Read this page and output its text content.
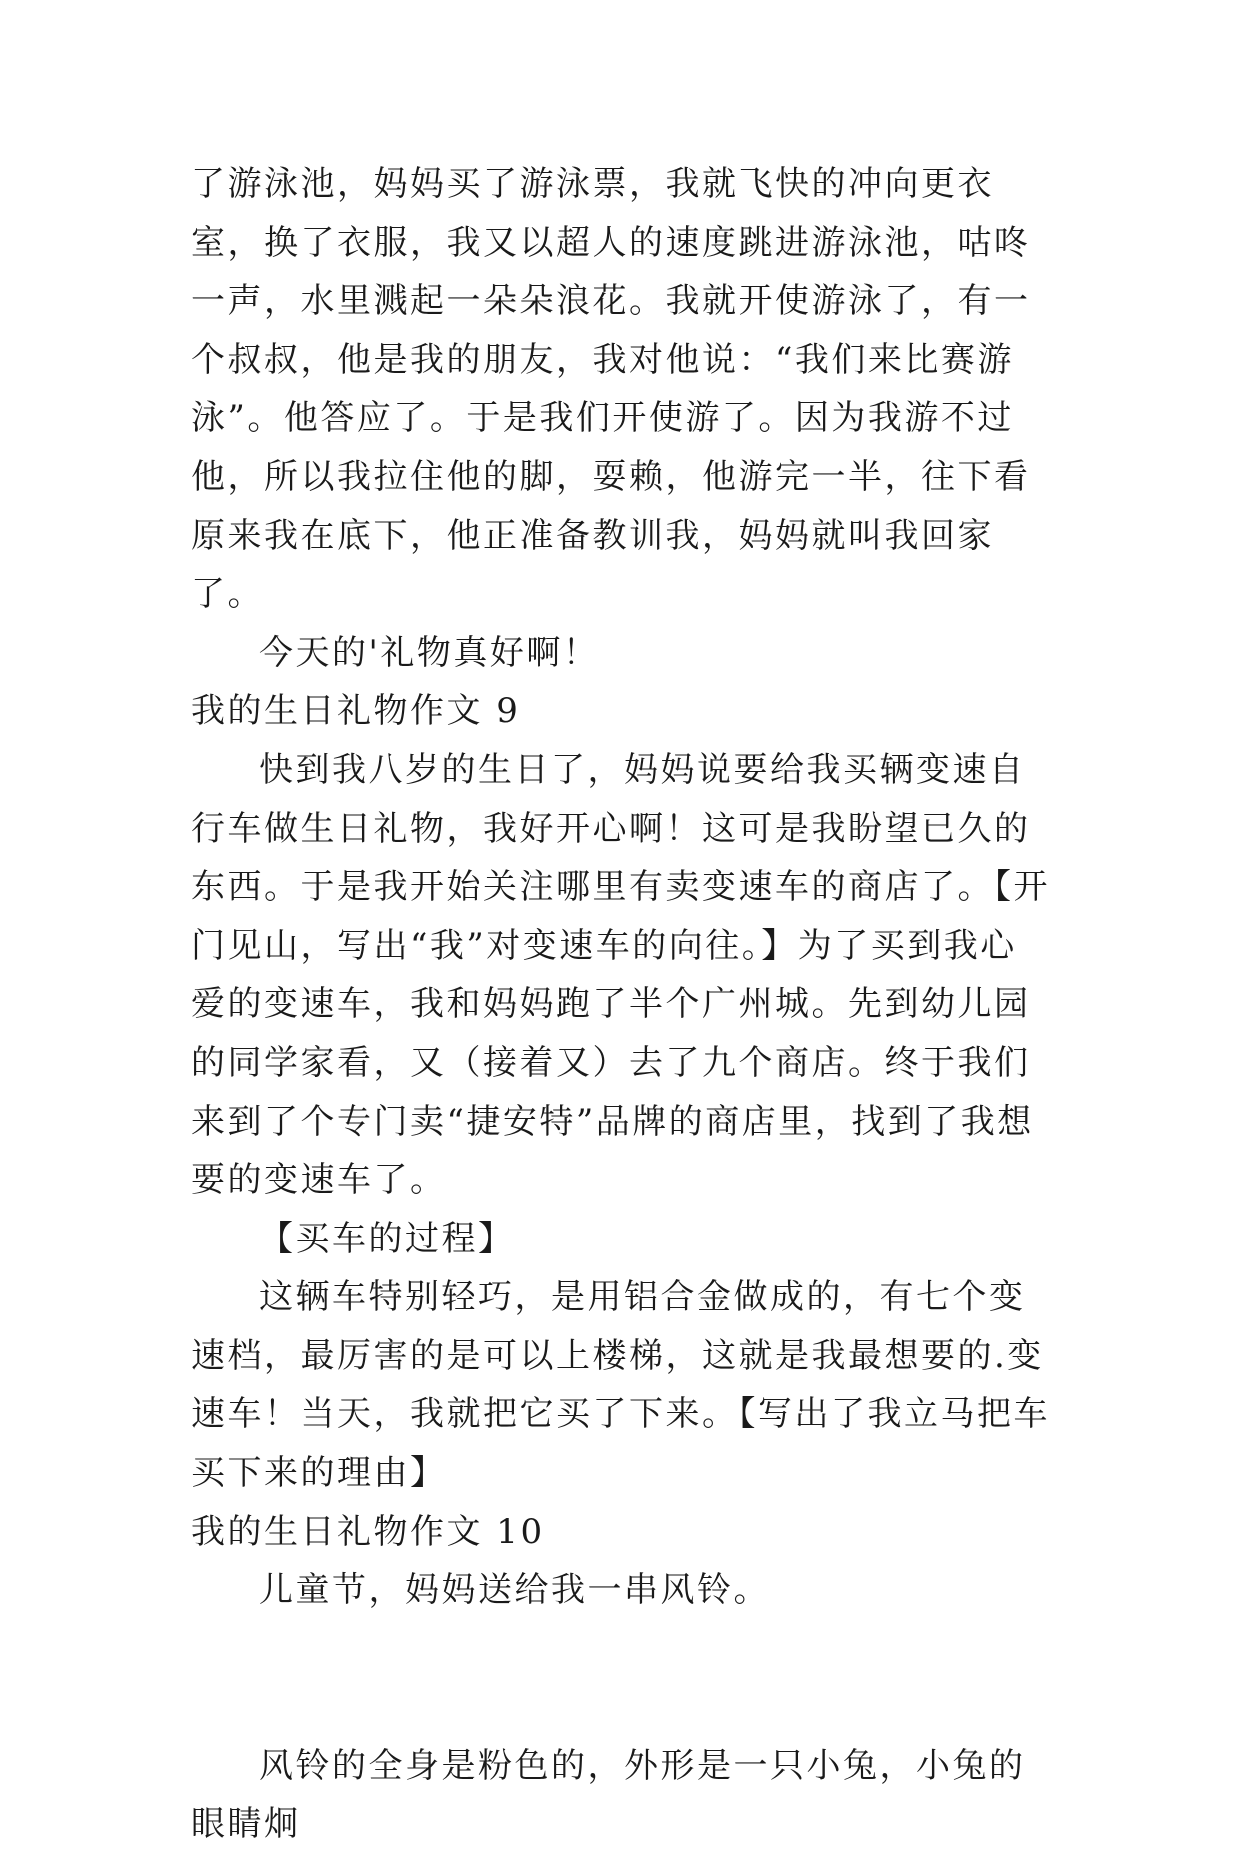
了游泳池，妈妈买了游泳票，我就飞快的冲向更衣室，换了衣服，我又以超人的速度跳进游泳池，咕咚一声，水里溅起一朵朵浪花。我就开使游泳了，有一个叔叔，他是我的朋友，我对他说：“我们来比赛游泳”。他答应了。于是我们开使游了。因为我游不过他，所以我拉住他的脚，耍赖，他游完一半，往下看原来我在底下，他正准备教训我，妈妈就叫我回家了。

今天的'礼物真好啊！

我的生日礼物作文 9

快到我八岁的生日了，妈妈说要给我买辆变速自行车做生日礼物，我好开心啊！这可是我盼望已久的东西。于是我开始关注哪里有卖变速车的商店了。【开门见山，写出“我”对变速车的向往。】为了买到我心爱的变速车，我和妈妈跑了半个广州城。先到幼儿园的同学家看，又（接着又）去了九个商店。终于我们来到了个专门卖“捷安特”品牌的商店里，找到了我想要的变速车了。

【买车的过程】

这辆车特别轻巧，是用铝合金做成的，有七个变速档，最厉害的是可以上楼梯，这就是我最想要的.变速车！当天，我就把它买了下来。【写出了我立马把车买下来的理由】

我的生日礼物作文 10

儿童节，妈妈送给我一串风铃。

风铃的全身是粉色的，外形是一只小兔，小兔的眼睛炯
